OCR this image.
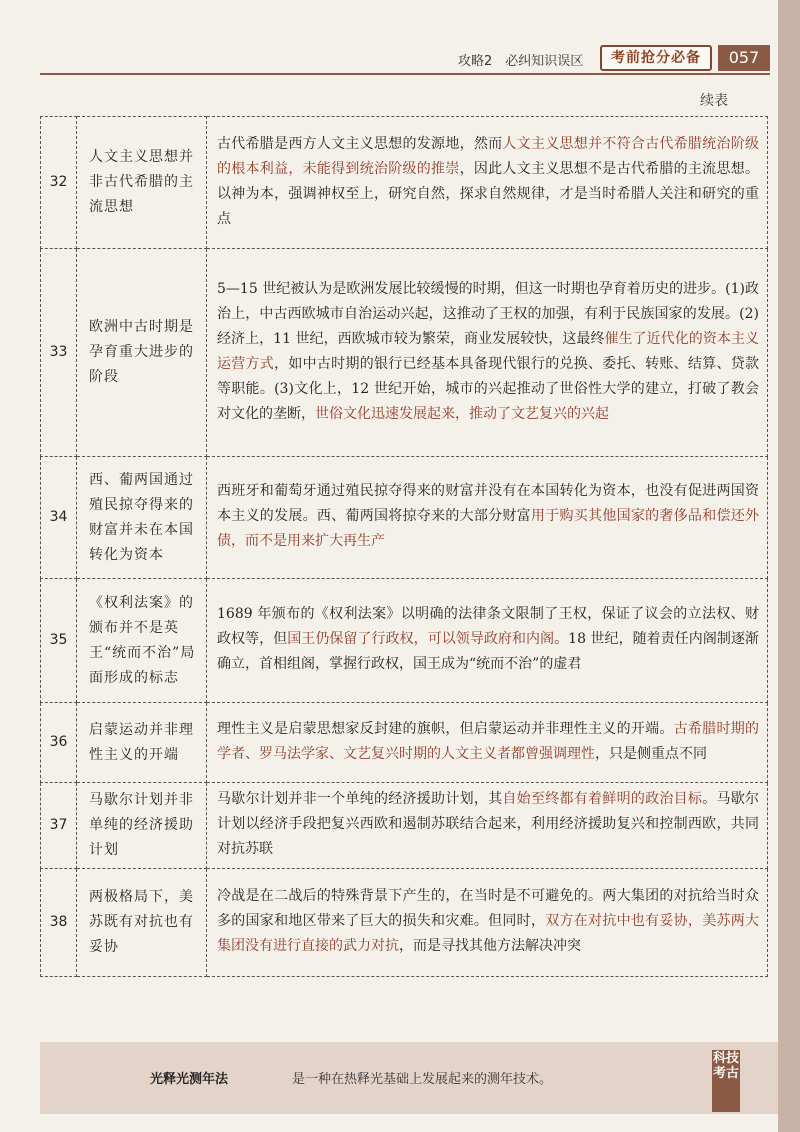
攻略2　必纠知识误区	考前抢分必备	057
续表
32	人文主义思想并非古代希腊的主流思想	古代希腊是西方人文主义思想的发源地，然而人文主义思想并不符合古代希腊统治阶级的根本利益，未能得到统治阶级的推崇，因此人文主义思想不是古代希腊的主流思想。以神为本，强调神权至上，研究自然，探求自然规律，才是当时希腊人关注和研究的重点
33	欧洲中古时期是孕育重大进步的阶段	5—15 世纪被认为是欧洲发展比较缓慢的时期，但这一时期也孕育着历史的进步。(1)政治上，中古西欧城市自治运动兴起，这推动了王权的加强，有利于民族国家的发展。(2)经济上，11 世纪，西欧城市较为繁荣，商业发展较快，这最终催生了近代化的资本主义运营方式，如中古时期的银行已经基本具备现代银行的兑换、委托、转账、结算、贷款等职能。(3)文化上，12 世纪开始，城市的兴起推动了世俗性大学的建立，打破了教会对文化的垄断，世俗文化迅速发展起来，推动了文艺复兴的兴起
34	西、葡两国通过殖民掠夺得来的财富并未在本国转化为资本	西班牙和葡萄牙通过殖民掠夺得来的财富并没有在本国转化为资本，也没有促进两国资本主义的发展。西、葡两国将掠夺来的大部分财富用于购买其他国家的奢侈品和偿还外债，而不是用来扩大再生产
35	《权利法案》的颁布并不是英王“统而不治”局面形成的标志	1689 年颁布的《权利法案》以明确的法律条文限制了王权，保证了议会的立法权、财政权等，但国王仍保留了行政权，可以领导政府和内阁。18 世纪，随着责任内阁制逐渐确立，首相组阁，掌握行政权，国王成为“统而不治”的虚君
36	启蒙运动并非理性主义的开端	理性主义是启蒙思想家反封建的旗帜，但启蒙运动并非理性主义的开端。古希腊时期的学者、罗马法学家、文艺复兴时期的人文主义者都曾强调理性，只是侧重点不同
37	马歇尔计划并非单纯的经济援助计划	马歇尔计划并非一个单纯的经济援助计划，其自始至终都有着鲜明的政治目标。马歇尔计划以经济手段把复兴西欧和遏制苏联结合起来，利用经济援助复兴和控制西欧，共同对抗苏联
38	两极格局下，美苏既有对抗也有妥协	冷战是在二战后的特殊背景下产生的，在当时是不可避免的。两大集团的对抗给当时众多的国家和地区带来了巨大的损失和灾难。但同时，双方在对抗中也有妥协，美苏两大集团没有进行直接的武力对抗，而是寻找其他方法解决冲突
光释光测年法	是一种在热释光基础上发展起来的测年技术。
科技考古
